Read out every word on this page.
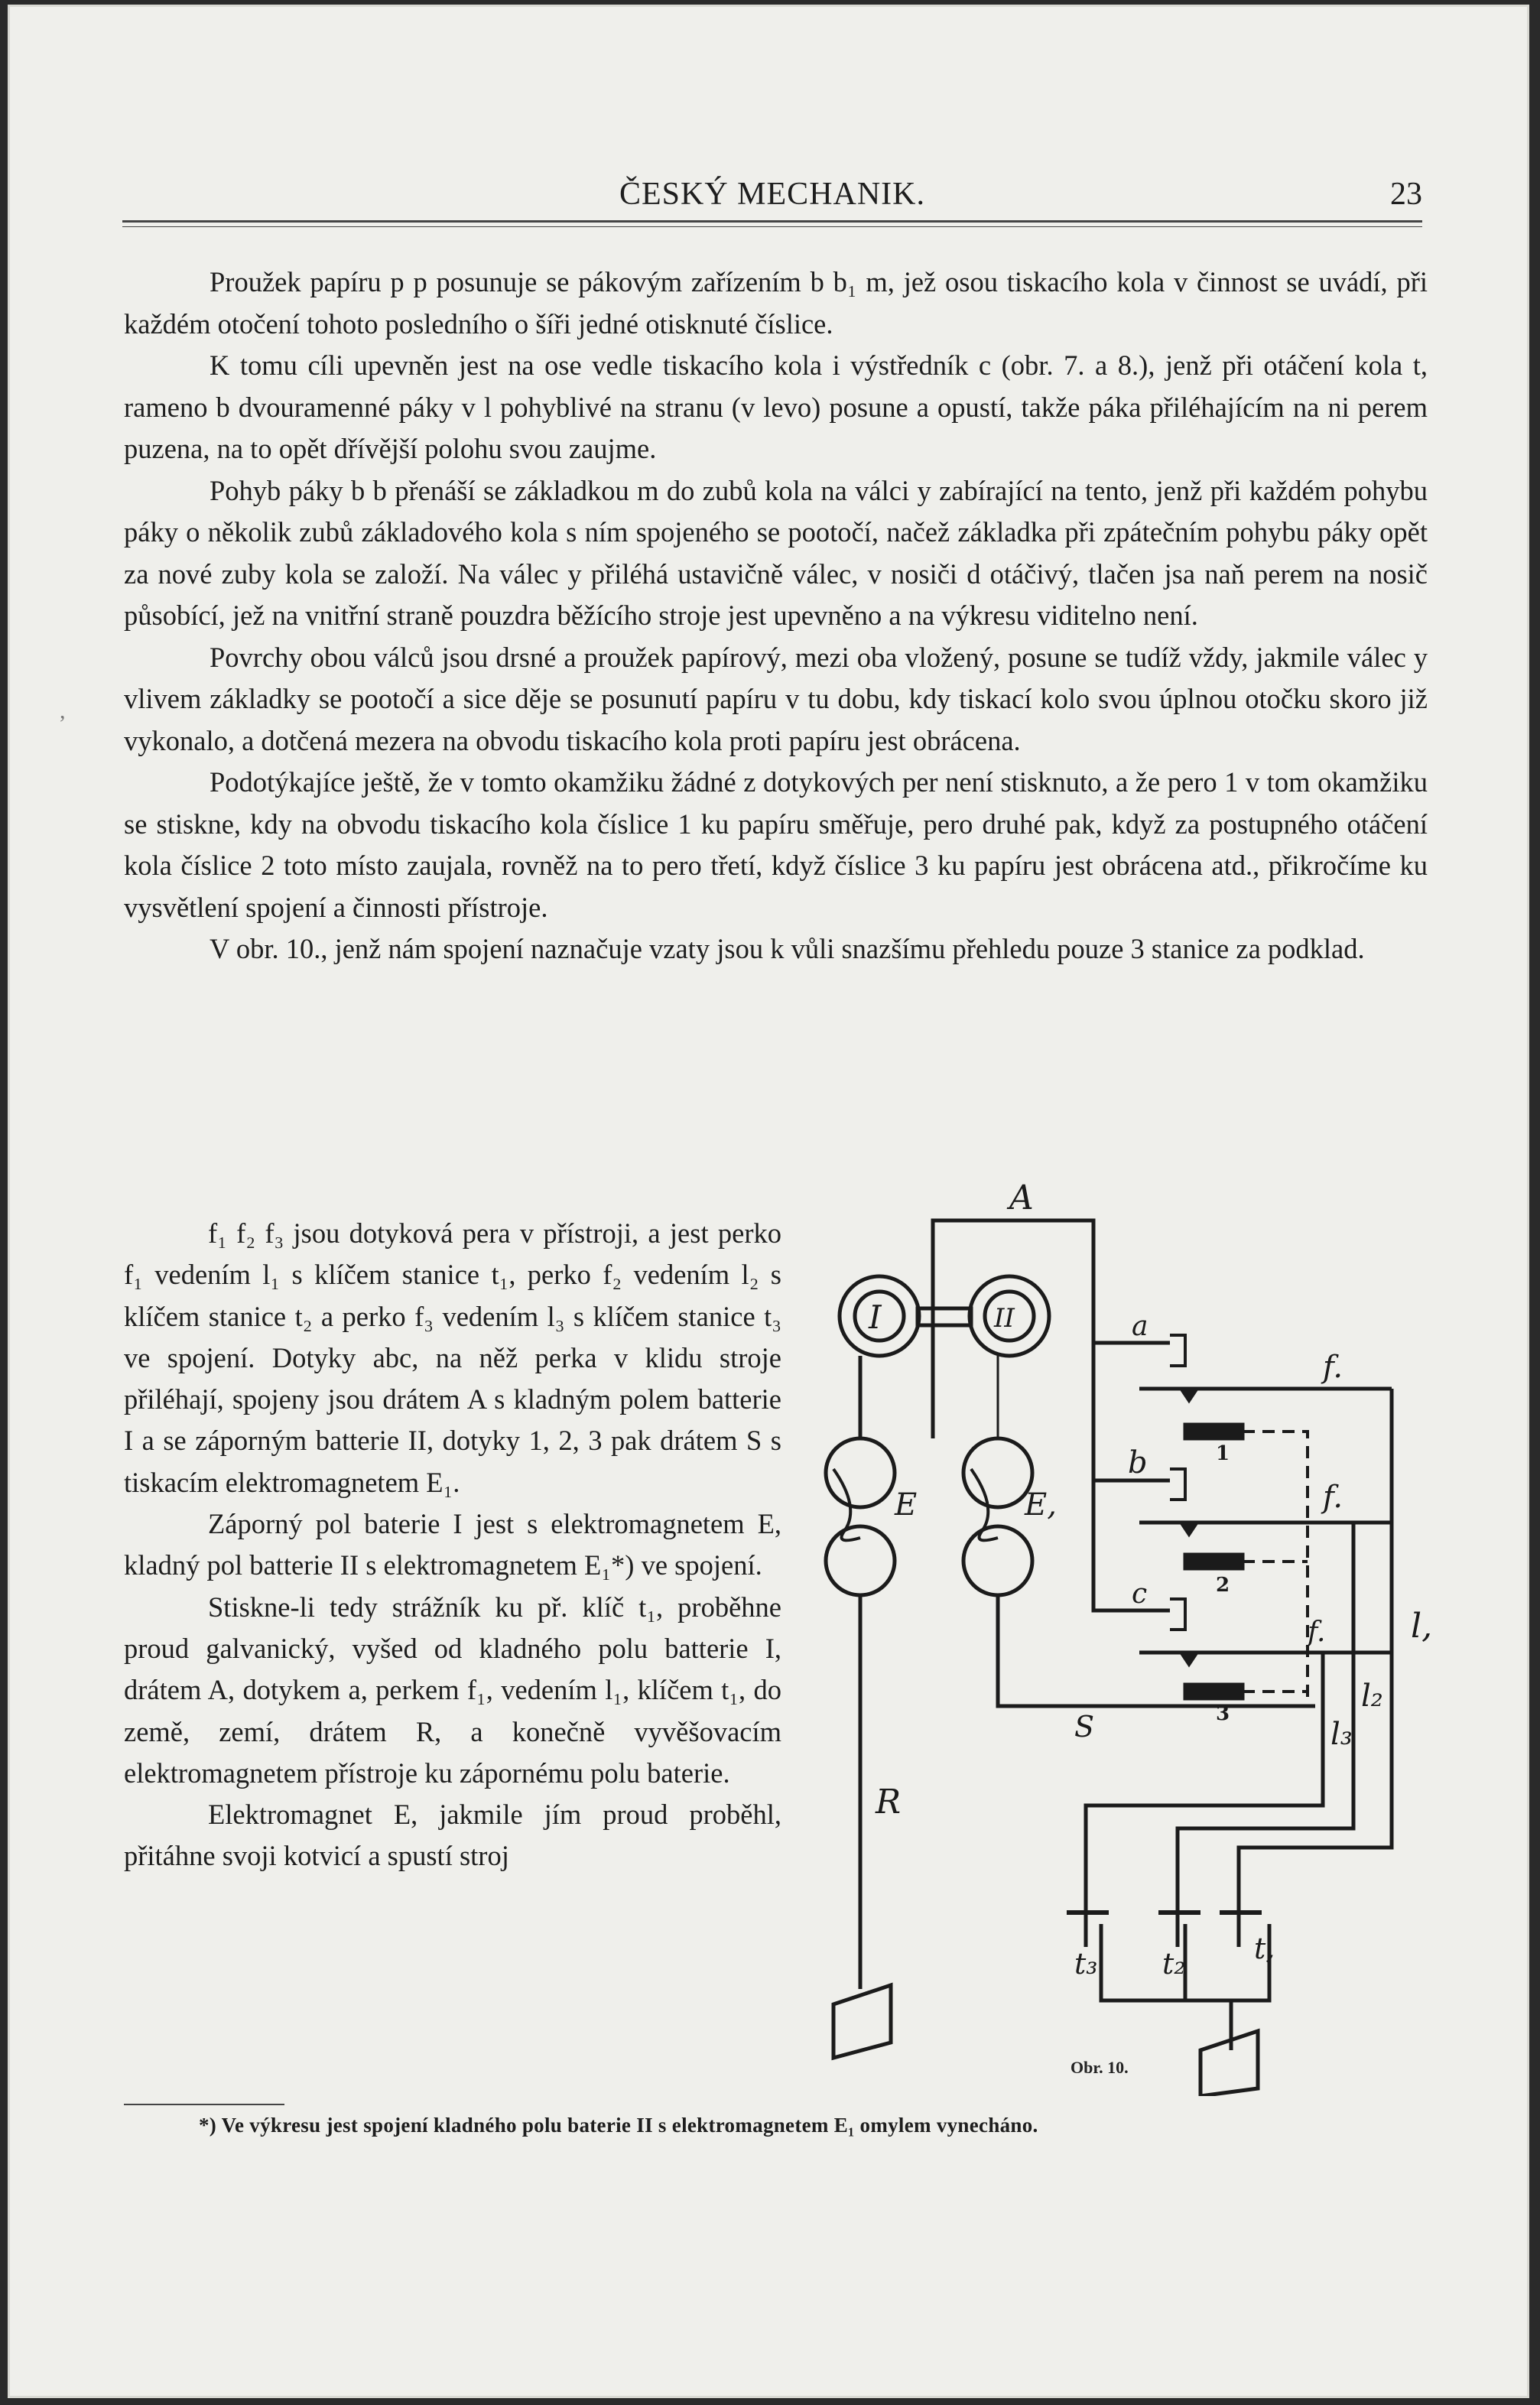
ČESKÝ MECHANIK.	23
,

Proužek papíru p p posunuje se pákovým zařízením b b₁ m, jež osou tiskacího kola v činnost se uvádí, při každém otočení tohoto posledního o šíři jedné otisknuté číslice.

K tomu cíli upevněn jest na ose vedle tiskacího kola i výstředník c (obr. 7. a 8.), jenž při otáčení kola t, rameno b dvouramenné páky v l pohyblivé na stranu (v levo) posune a opustí, takže páka přiléhajícím na ni perem puzena, na to opět dřívější polohu svou zaujme.

Pohyb páky b b přenáší se základkou m do zubů kola na válci y zabírající na tento, jenž při každém pohybu páky o několik zubů základového kola s ním spojeného se pootočí, načež základka při zpátečním pohybu páky opět za nové zuby kola se založí. Na válec y přiléhá ustavičně válec, v nosiči d otáčivý, tlačen jsa naň perem na nosič působící, jež na vnitřní straně pouzdra běžícího stroje jest upevněno a na výkresu viditelno není.

Povrchy obou válců jsou drsné a proužek papírový, mezi oba vložený, posune se tudíž vždy, jakmile válec y vlivem základky se pootočí a sice děje se posunutí papíru v tu dobu, kdy tiskací kolo svou úplnou otočku skoro již vykonalo, a dotčená mezera na obvodu tiskacího kola proti papíru jest obrácena.

Podotýkajíce ještě, že v tomto okamžiku žádné z dotykových per není stisknuto, a že pero 1 v tom okamžiku se stiskne, kdy na obvodu tiskacího kola číslice 1 ku papíru směřuje, pero druhé pak, když za postupného otáčení kola číslice 2 toto místo zaujala, rovněž na to pero třetí, když číslice 3 ku papíru jest obrácena atd., přikročíme ku vysvětlení spojení a činnosti přístroje.

V obr. 10., jenž nám spojení naznačuje vzaty jsou k vůli snazšímu přehledu pouze 3 stanice za podklad.

f₁ f₂ f₃ jsou dotyková pera v přístroji, a jest perko f₁ vedením l₁ s klíčem stanice t₁, perko f₂ vedením l₂ s klíčem stanice t₂ a perko f₃ vedením l₃ s klíčem stanice t₃ ve spojení. Dotyky abc, na něž perka v klidu stroje přiléhají, spojeny jsou drátem A s kladným polem batterie I a se záporným batterie II, dotyky 1, 2, 3 pak drátem S s tiskacím elektromagnetem E₁.

Záporný pol baterie I jest s elektromagnetem E, kladný pol batterie II s elektromagnetem E₁*) ve spojení.

Stiskne-li tedy strážník ku př. klíč t₁, proběhne proud galvanický, vyšed od kladného polu batterie I, drátem A, dotykem a, perkem f₁, vedením l₁, klíčem t₁, do země, zemí, drátem R, a konečně vyvěšovacím elektromagnetem přístroje ku zápornému polu baterie.

Elektromagnet E, jakmile jím proud proběhl, přitáhne svoji kotvicí a spustí stroj

A
I	II
E
R
E,
S
a
b
c
f.
f.
f.
1
2
3
l,
l₂
l₃
t₃ t₂ t,
Obr. 10.
*) Ve výkresu jest spojení kladného polu baterie II s elektromagnetem E₁ omylem vynecháno.
